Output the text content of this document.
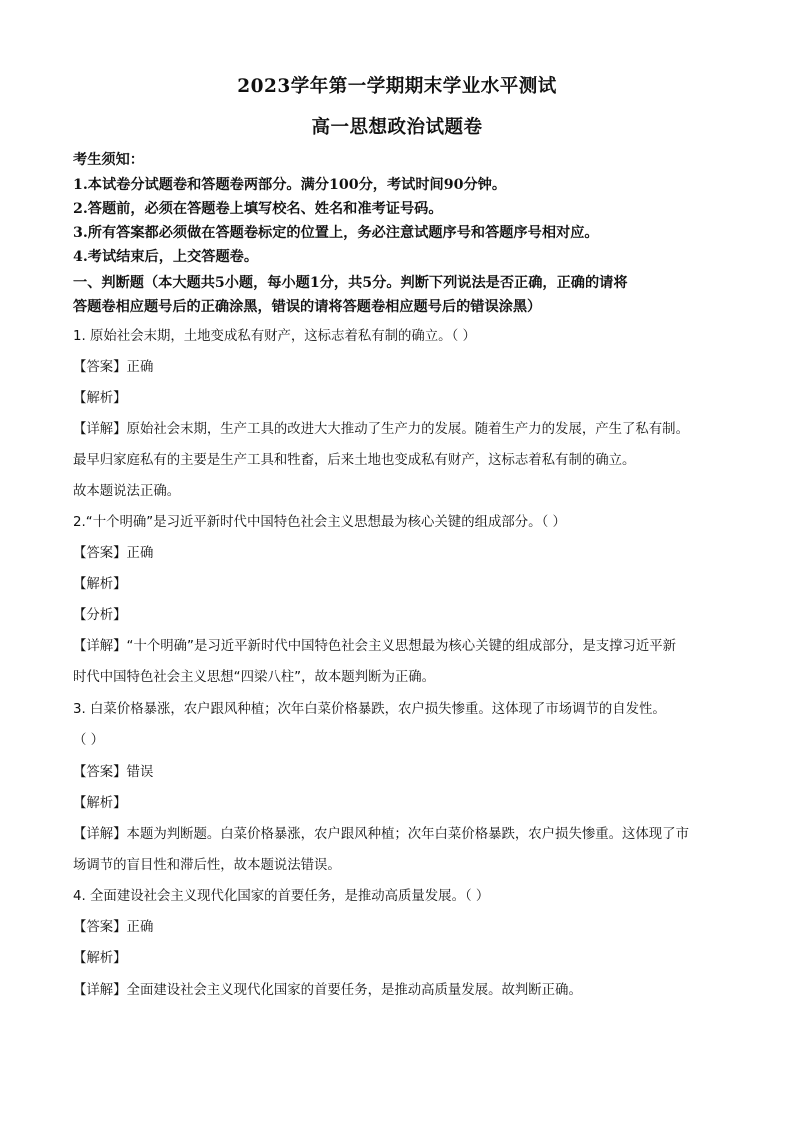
2023学年第一学期期末学业水平测试
高一思想政治试题卷
考生须知：
1.本试卷分试题卷和答题卷两部分。满分100分，考试时间90分钟。
2.答题前，必须在答题卷上填写校名、姓名和准考证号码。
3.所有答案都必须做在答题卷标定的位置上，务必注意试题序号和答题序号相对应。
4.考试结束后，上交答题卷。
一、判断题（本大题共5小题，每小题1分，共5分。判断下列说法是否正确，正确的请将
答题卷相应题号后的正确涂黑，错误的请将答题卷相应题号后的错误涂黑）
1. 原始社会末期，土地变成私有财产，这标志着私有制的确立。（ ）
【答案】正确
【解析】
【详解】原始社会末期，生产工具的改进大大推动了生产力的发展。随着生产力的发展，产生了私有制。
最早归家庭私有的主要是生产工具和牲畜，后来土地也变成私有财产，这标志着私有制的确立。
故本题说法正确。
2.“十个明确”是习近平新时代中国特色社会主义思想最为核心关键的组成部分。（ ）
【答案】正确
【解析】
【分析】
【详解】“十个明确”是习近平新时代中国特色社会主义思想最为核心关键的组成部分，是支撑习近平新
时代中国特色社会主义思想“四梁八柱”，故本题判断为正确。
3. 白菜价格暴涨，农户跟风种植；次年白菜价格暴跌，农户损失惨重。这体现了市场调节的自发性。
（ ）
【答案】错误
【解析】
【详解】本题为判断题。白菜价格暴涨，农户跟风种植；次年白菜价格暴跌，农户损失惨重。这体现了市
场调节的盲目性和滞后性，故本题说法错误。
4. 全面建设社会主义现代化国家的首要任务，是推动高质量发展。（ ）
【答案】正确
【解析】
【详解】全面建设社会主义现代化国家的首要任务，是推动高质量发展。故判断正确。
